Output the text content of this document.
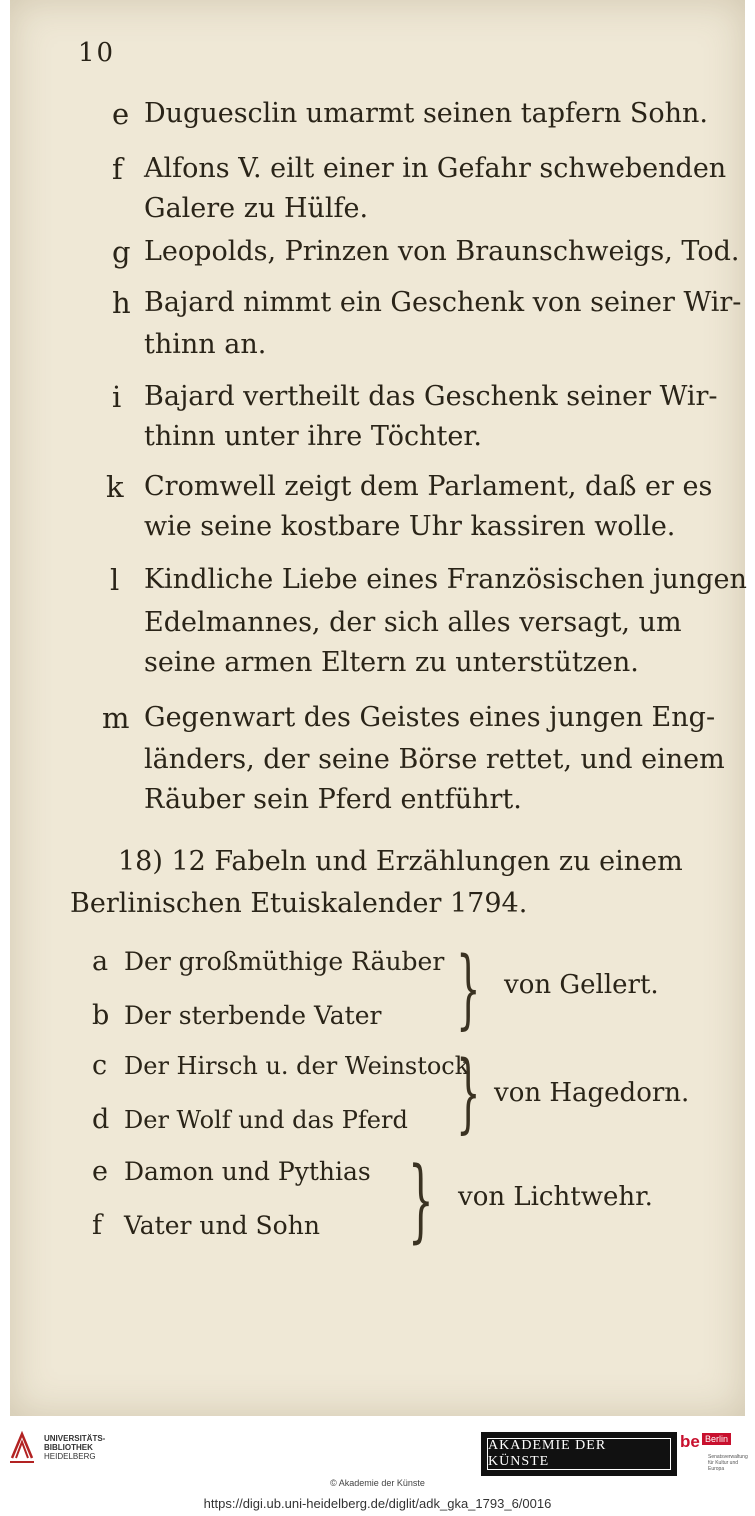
10
e Duguesclin umarmt seinen tapfern Sohn.
f Alfons V. eilt einer in Gefahr schwebenden
Galere zu Hülfe.
g Leopolds, Prinzen von Braunschweigs, Tod.
h Bajard nimmt ein Geschenk von seiner Wir-
thinn an.
i Bajard vertheilt das Geschenk seiner Wir-
thinn unter ihre Töchter.
k Cromwell zeigt dem Parlament, daß er es
wie seine kostbare Uhr kassiren wolle.
l Kindliche Liebe eines Französischen jungen
Edelmannes, der sich alles versagt, um
seine armen Eltern zu unterstützen.
m Gegenwart des Geistes eines jungen Eng-
länders, der seine Börse rettet, und einem
Räuber sein Pferd entführt.
18) 12 Fabeln und Erzählungen zu einem
Berlinischen Etuiskalender 1794.
a Der großmüthige Räuber
b Der sterbende Vater } von Gellert.
c Der Hirsch u. der Weinstock
d Der Wolf und das Pferd } von Hagedorn.
e Damon und Pythias
f Vater und Sohn } von Lichtwehr.
UNIVERSITÄTS-
BIBLIOTHEK
HEIDELBERG
AKADEMIE DER KÜNSTE
be Berlin
Senatsverwaltung für Kultur und Europa
© Akademie der Künste
https://digi.ub.uni-heidelberg.de/diglit/adk_gka_1793_6/0016
